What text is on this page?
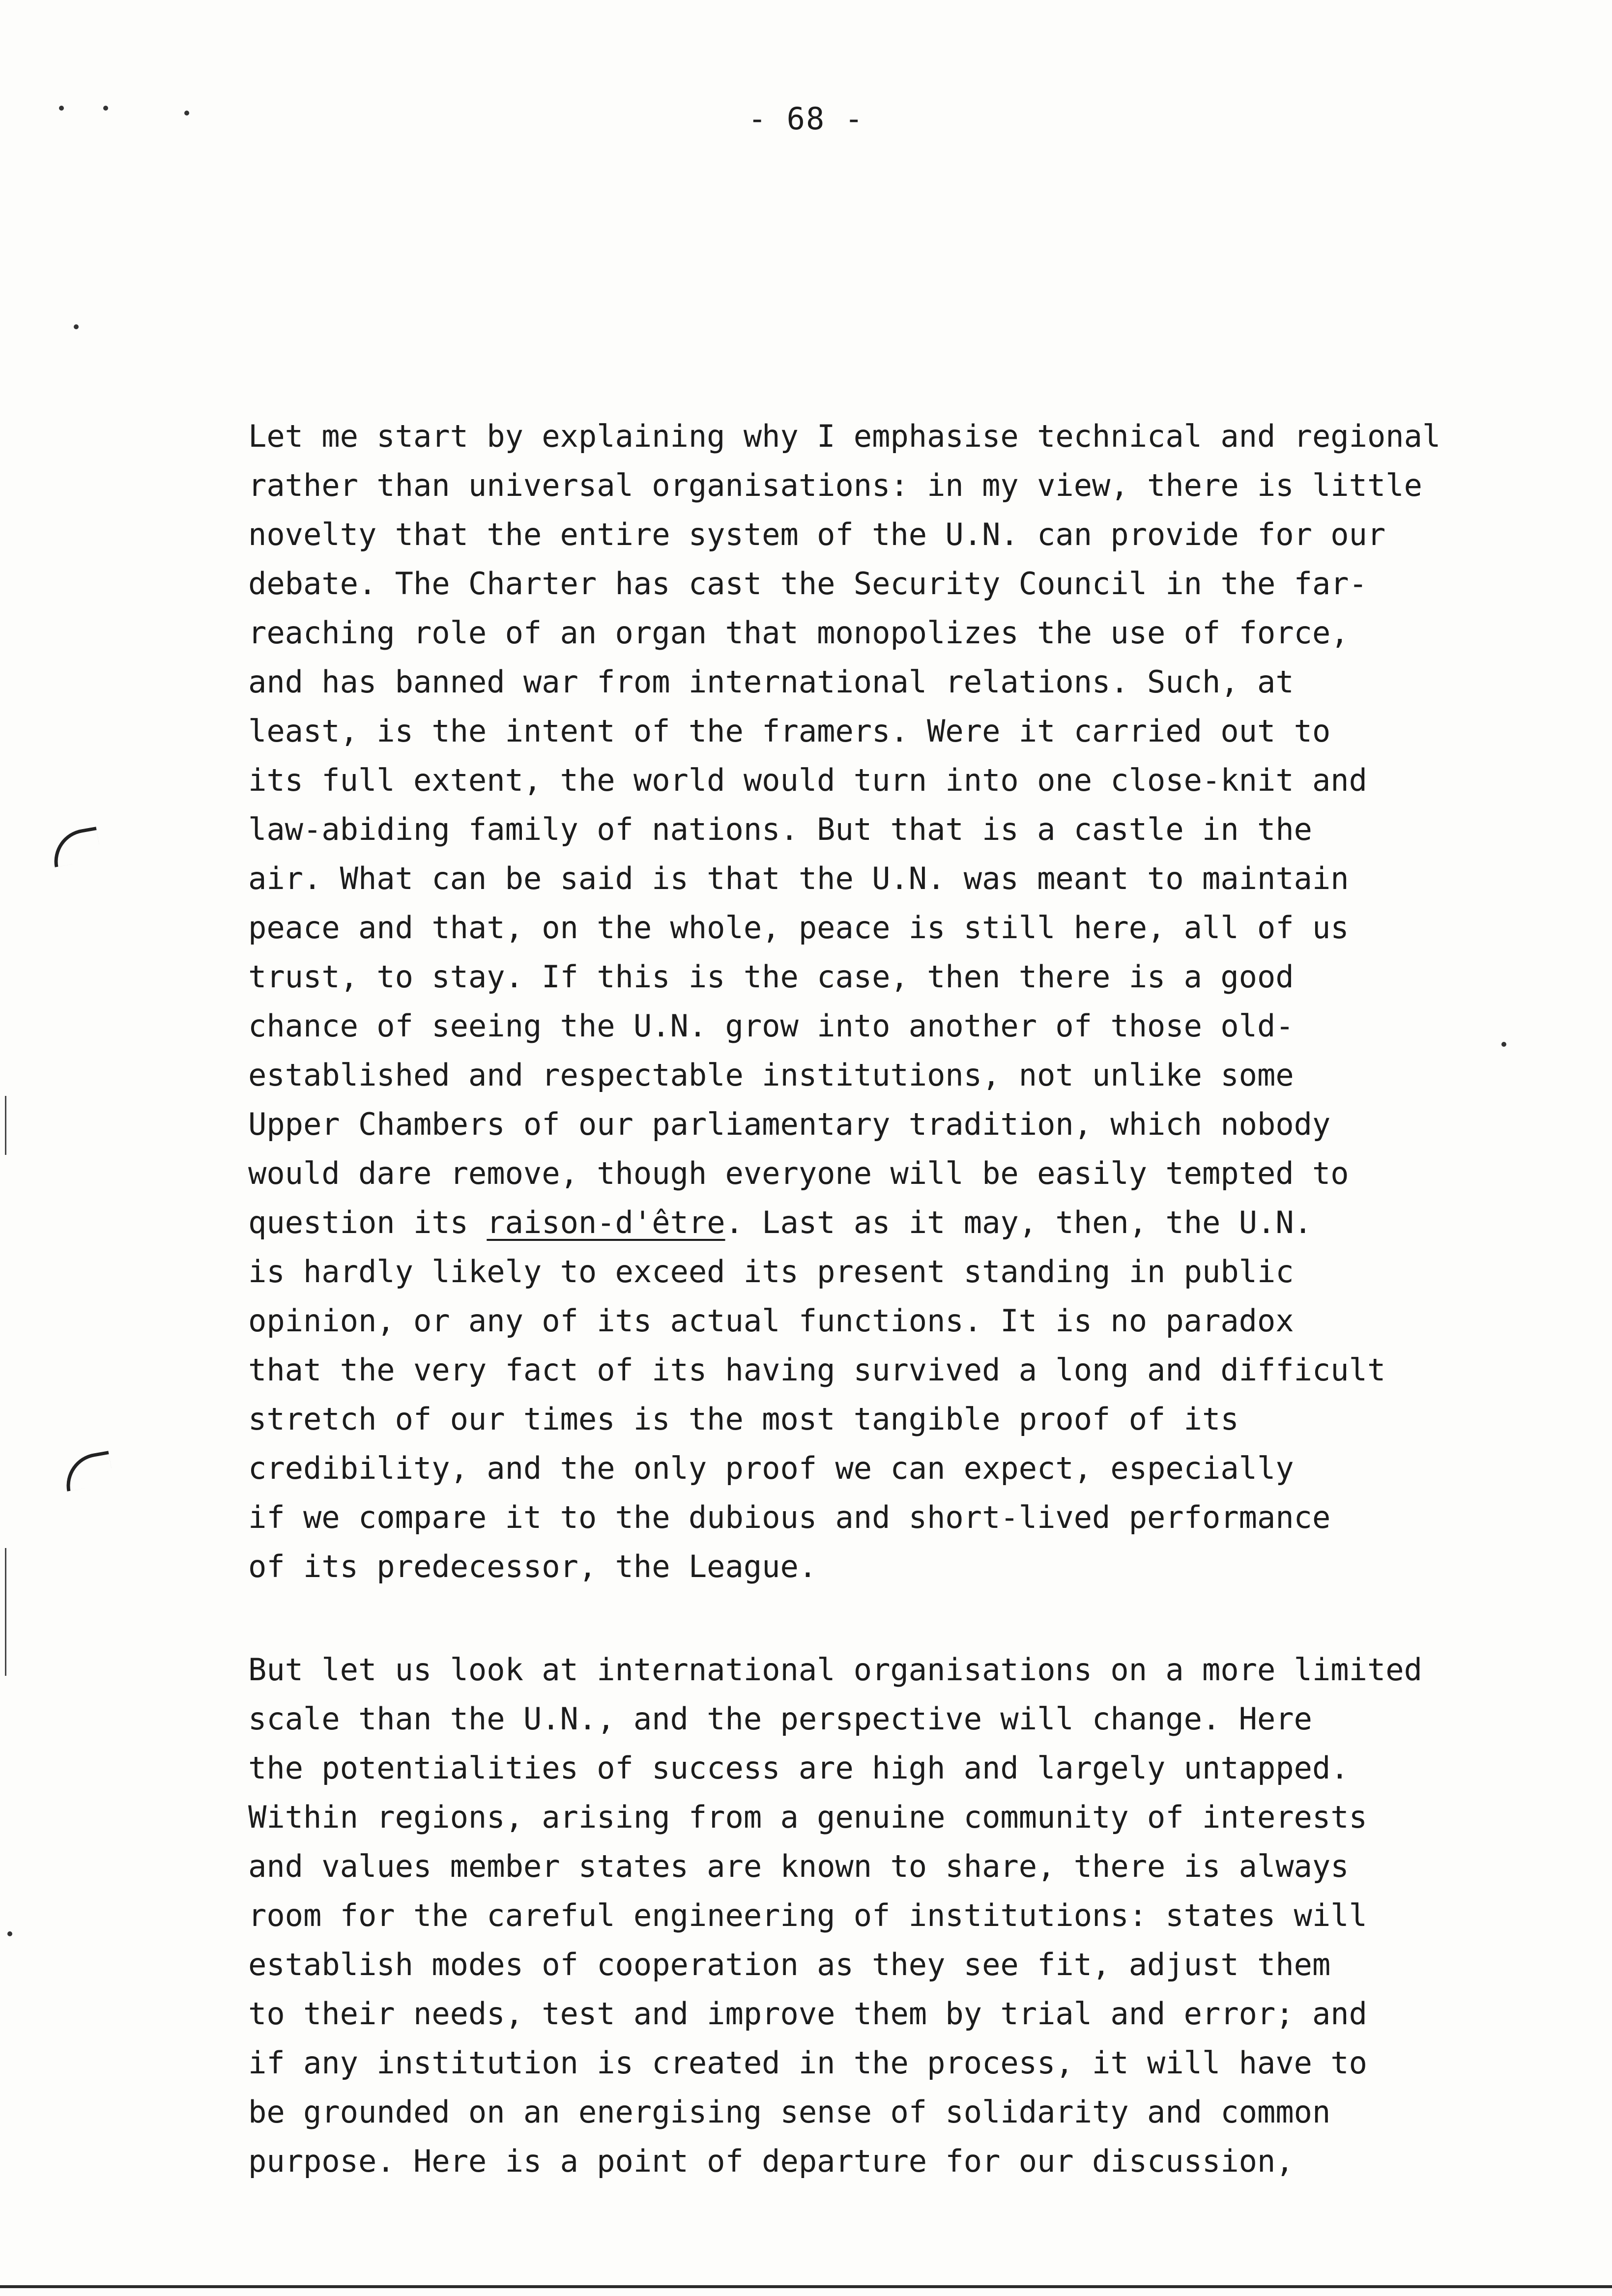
- 68 -
Let me start by explaining why I emphasise technical and regional
rather than universal organisations: in my view, there is little
novelty that the entire system of the U.N. can provide for our
debate. The Charter has cast the Security Council in the far-
reaching role of an organ that monopolizes the use of force,
and has banned war from international relations. Such, at
least, is the intent of the framers. Were it carried out to
its full extent, the world would turn into one close-knit and
law-abiding family of nations. But that is a castle in the
air. What can be said is that the U.N. was meant to maintain
peace and that, on the whole, peace is still here, all of us
trust, to stay. If this is the case, then there is a good
chance of seeing the U.N. grow into another of those old-
established and respectable institutions, not unlike some
Upper Chambers of our parliamentary tradition, which nobody
would dare remove, though everyone will be easily tempted to
question its raison-d'être. Last as it may, then, the U.N.
is hardly likely to exceed its present standing in public
opinion, or any of its actual functions. It is no paradox
that the very fact of its having survived a long and difficult
stretch of our times is the most tangible proof of its
credibility, and the only proof we can expect, especially
if we compare it to the dubious and short-lived performance
of its predecessor, the League.
But let us look at international organisations on a more limited
scale than the U.N., and the perspective will change. Here
the potentialities of success are high and largely untapped.
Within regions, arising from a genuine community of interests
and values member states are known to share, there is always
room for the careful engineering of institutions: states will
establish modes of cooperation as they see fit, adjust them
to their needs, test and improve them by trial and error; and
if any institution is created in the process, it will have to
be grounded on an energising sense of solidarity and common
purpose. Here is a point of departure for our discussion,
